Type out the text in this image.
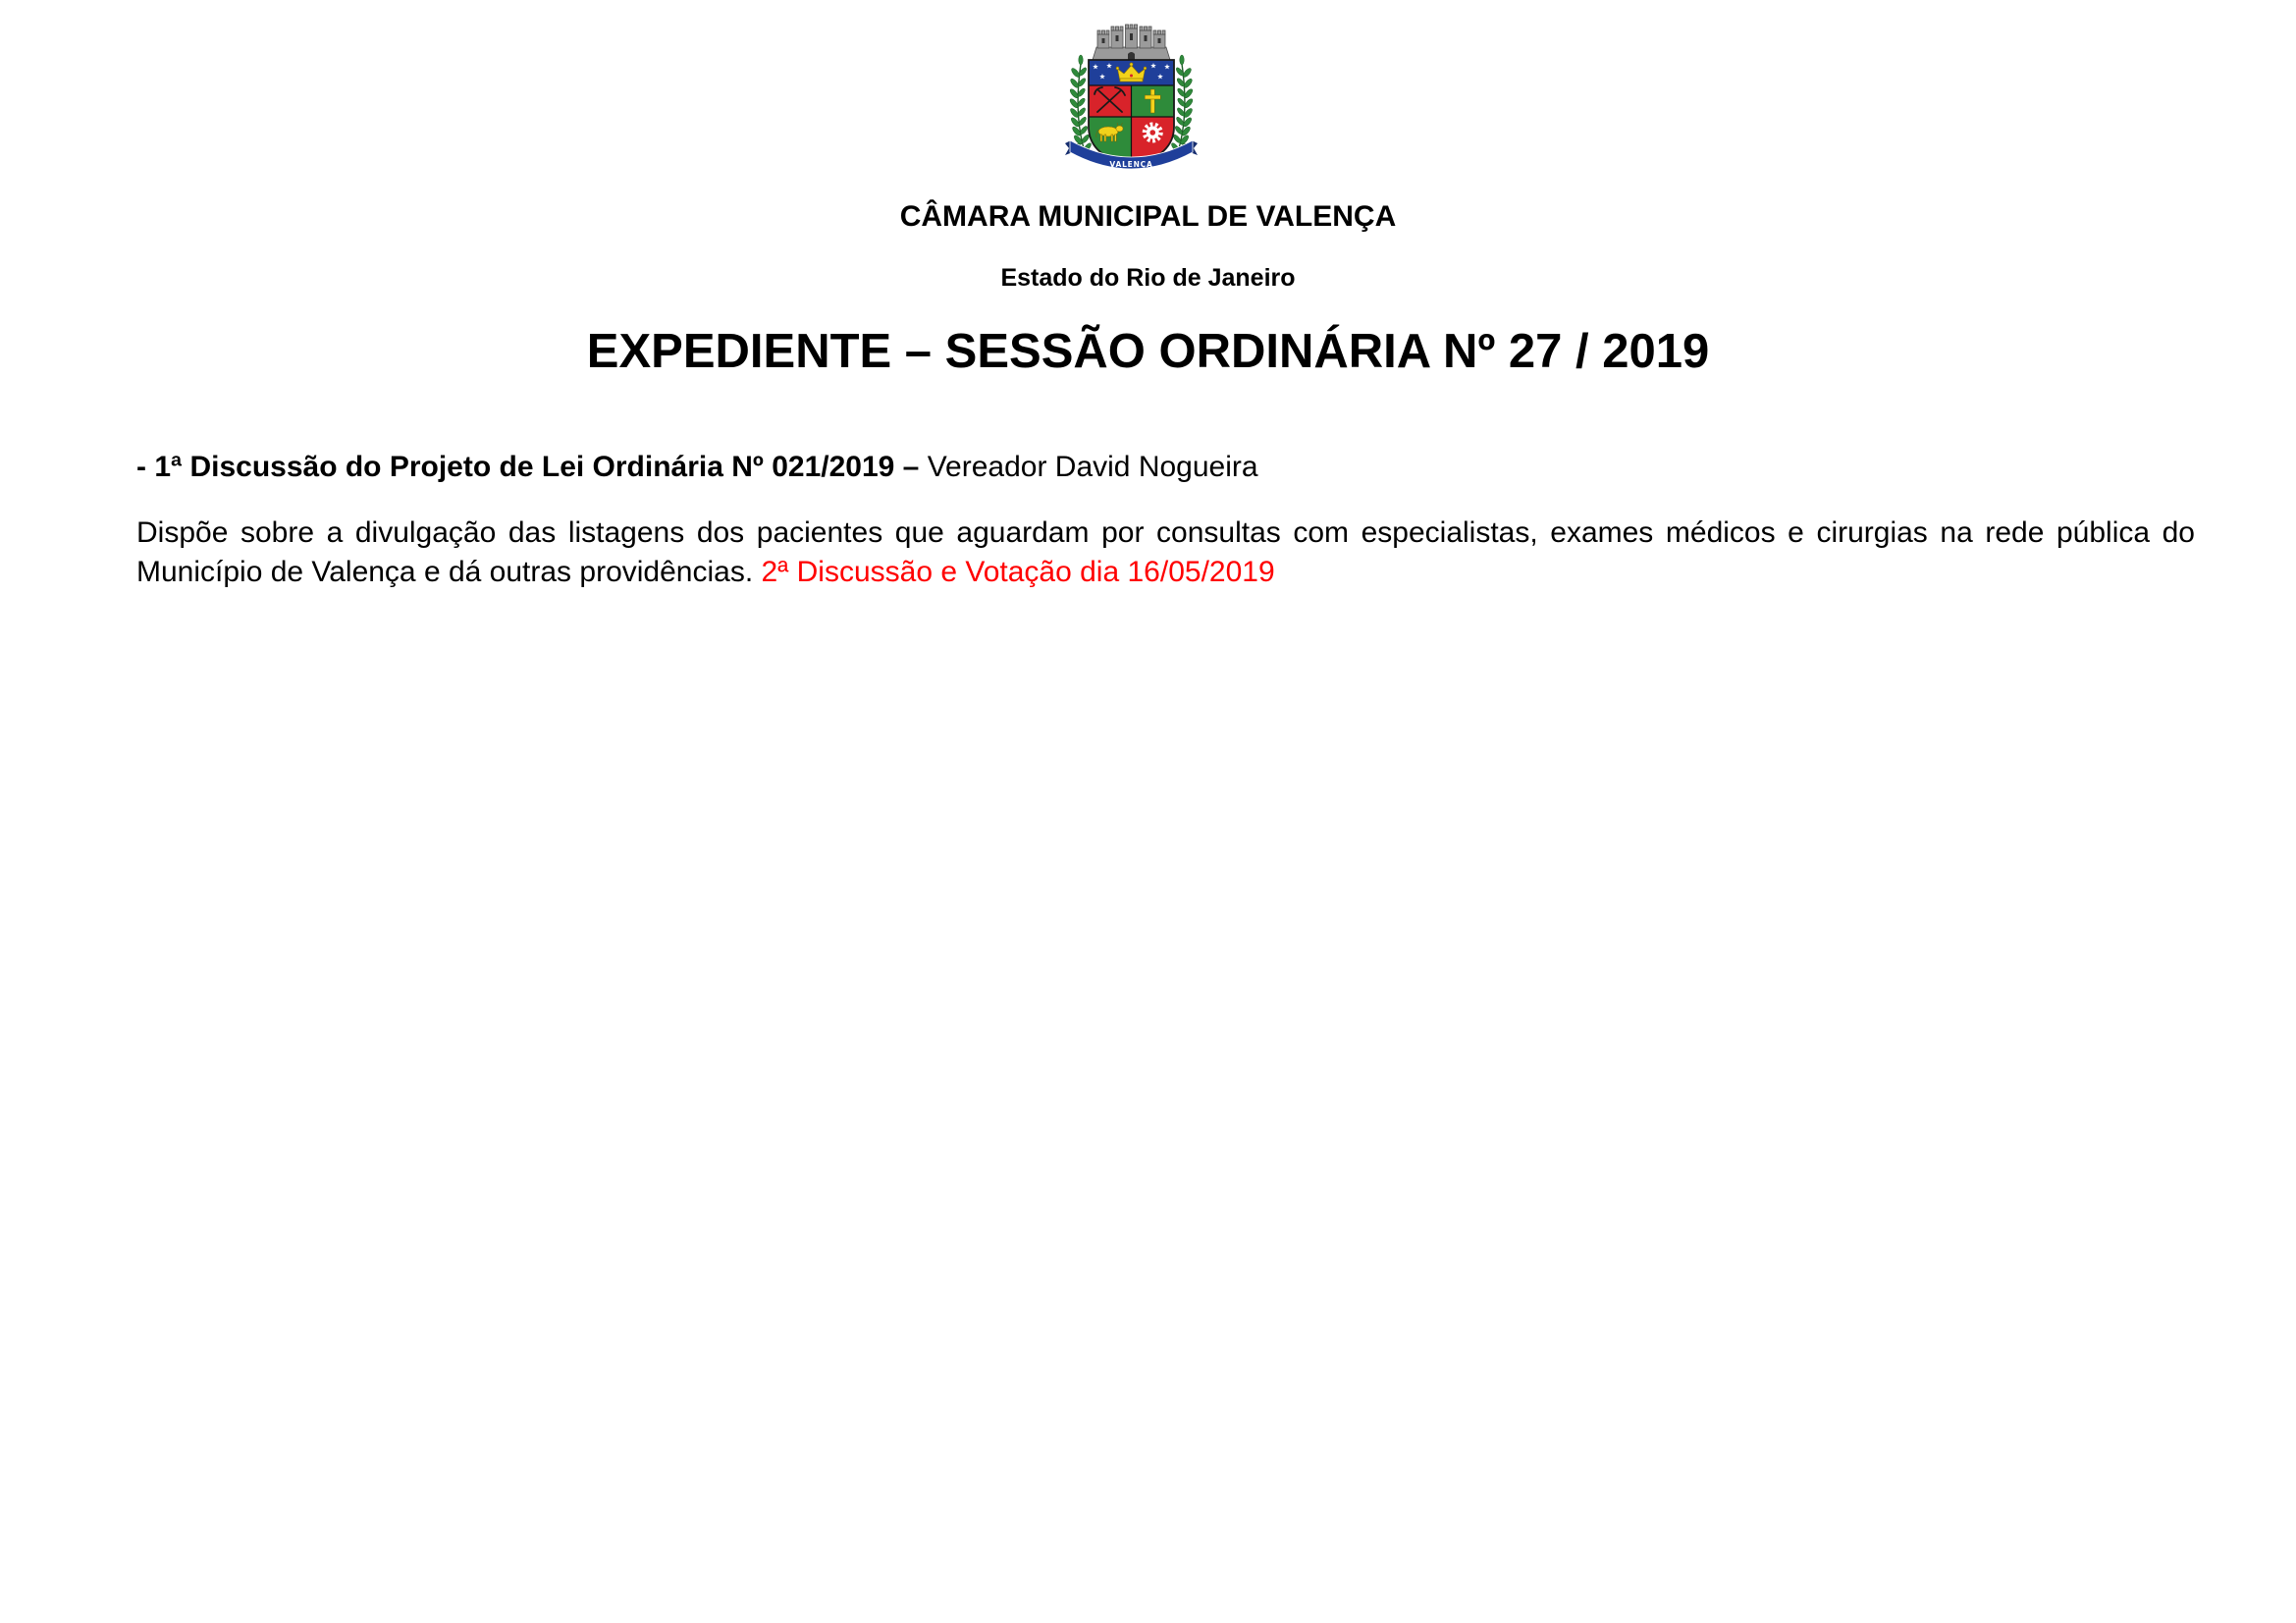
VALENÇA
CÂMARA MUNICIPAL DE VALENÇA
Estado do Rio de Janeiro
EXPEDIENTE – SESSÃO ORDINÁRIA Nº 27 / 2019

- 1ª Discussão do Projeto de Lei Ordinária Nº 021/2019 – Vereador David Nogueira

Dispõe sobre a divulgação das listagens dos pacientes que aguardam por consultas com especialistas, exames médicos e cirurgias na rede pública do Município de Valença e dá outras providências. 2ª Discussão e Votação dia 16/05/2019
